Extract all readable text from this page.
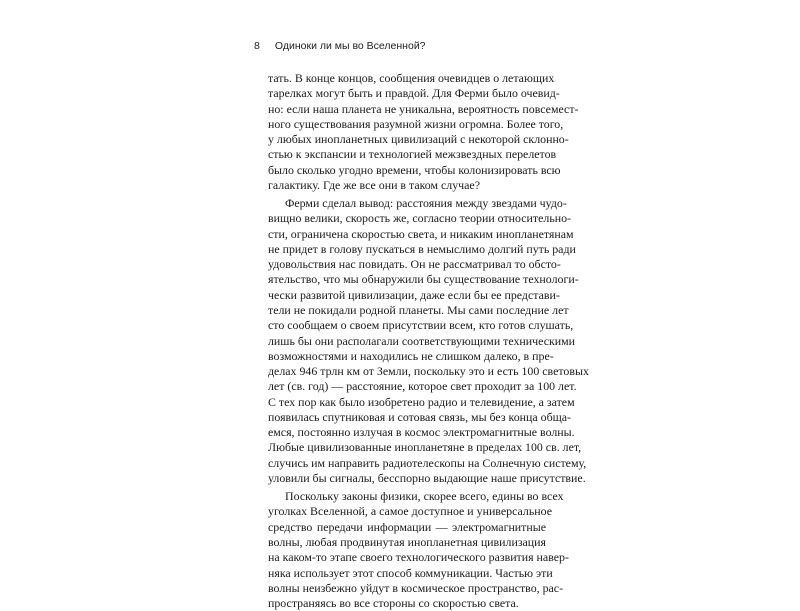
8 Одиноки ли мы во Вселенной?
тать. В конце концов, сообщения очевидцев о летающих
тарелках могут быть и правдой. Для Ферми было очевид-
но: если наша планета не уникальна, вероятность повсемест-
ного существования разумной жизни огромна. Более того,
у любых инопланетных цивилизаций с некоторой склонно-
стью к экспансии и технологией межзвездных перелетов
было сколько угодно времени, чтобы колонизировать всю
галактику. Где же все они в таком случае?
Ферми сделал вывод: расстояния между звездами чудо-
вищно велики, скорость же, согласно теории относительно-
сти, ограничена скоростью света, и никаким инопланетянам
не придет в голову пускаться в немыслимо долгий путь ради
удовольствия нас повидать. Он не рассматривал то обсто-
ятельство, что мы обнаружили бы существование технологи-
чески развитой цивилизации, даже если бы ее представи-
тели не покидали родной планеты. Мы сами последние лет
сто сообщаем о своем присутствии всем, кто готов слушать,
лишь бы они располагали соответствующими техническими
возможностями и находились не слишком далеко, в пре-
делах 946 трлн км от Земли, поскольку это и есть 100 световых
лет (св. год) — расстояние, которое свет проходит за 100 лет.
С тех пор как было изобретено радио и телевидение, а затем
появилась спутниковая и сотовая связь, мы без конца обща-
емся, постоянно излучая в космос электромагнитные волны.
Любые цивилизованные инопланетяне в пределах 100 св. лет,
случись им направить радиотелескопы на Солнечную систему,
уловили бы сигналы, бесспорно выдающие наше присутствие.
Поскольку законы физики, скорее всего, едины во всех
уголках Вселенной, а самое доступное и универсальное
средство передачи информации — электромагнитные
волны, любая продвинутая инопланетная цивилизация
на каком-то этапе своего технологического развития навер-
няка использует этот способ коммуникации. Частью эти
волны неизбежно уйдут в космическое пространство, рас-
пространяясь во все стороны со скоростью света.
